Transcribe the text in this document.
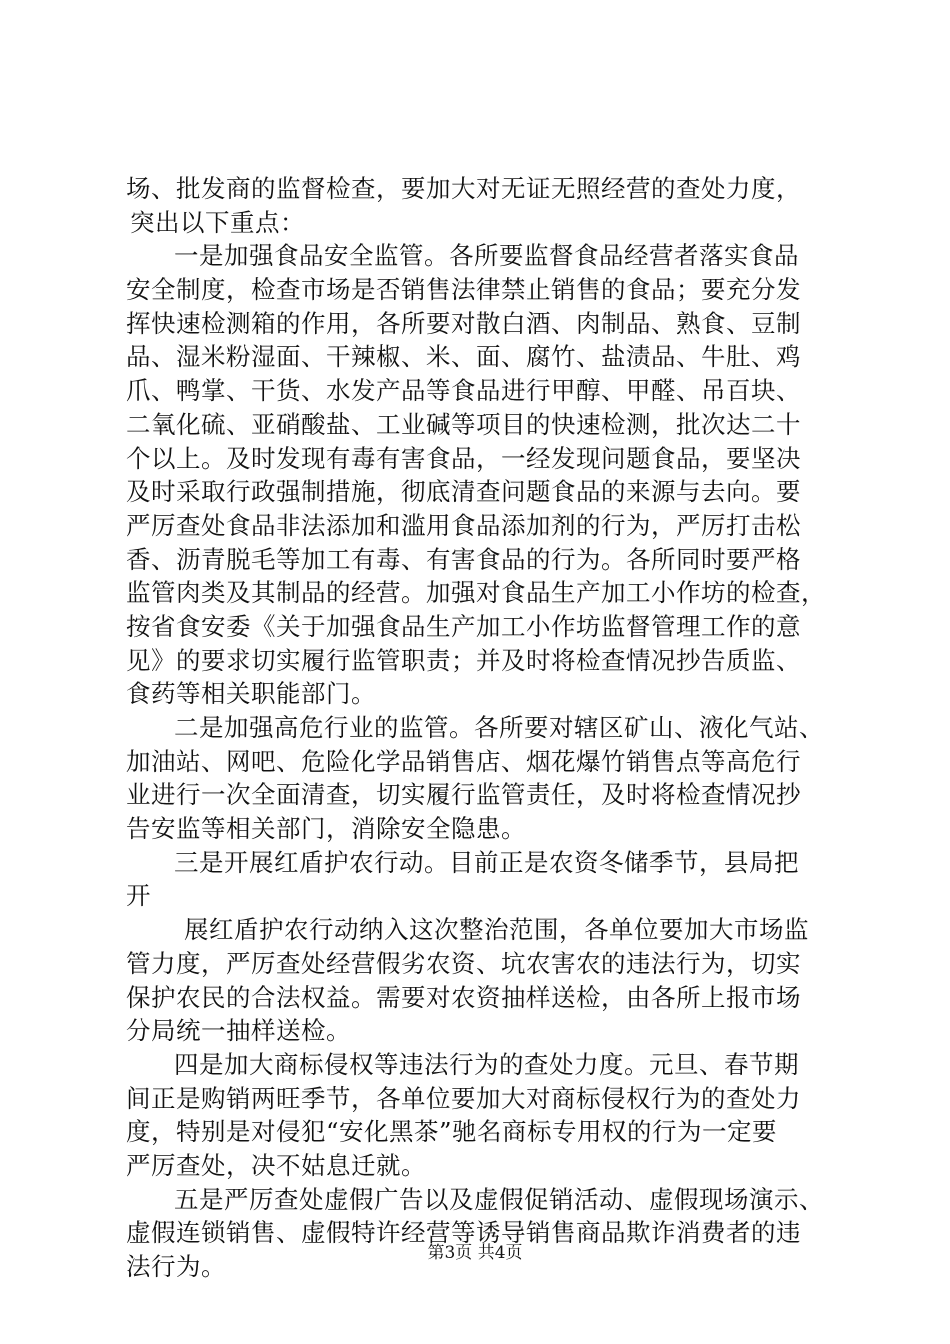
场、批发商的监督检查，要加大对无证无照经营的查处力度，
突出以下重点：
一是加强食品安全监管。各所要监督食品经营者落实食品
安全制度，检查市场是否销售法律禁止销售的食品；要充分发
挥快速检测箱的作用，各所要对散白酒、肉制品、熟食、豆制
品、湿米粉湿面、干辣椒、米、面、腐竹、盐渍品、牛肚、鸡
爪、鸭掌、干货、水发产品等食品进行甲醇、甲醛、吊百块、
二氧化硫、亚硝酸盐、工业碱等项目的快速检测，批次达二十
个以上。及时发现有毒有害食品，一经发现问题食品，要坚决
及时采取行政强制措施，彻底清查问题食品的来源与去向。要
严厉查处食品非法添加和滥用食品添加剂的行为，严厉打击松
香、沥青脱毛等加工有毒、有害食品的行为。各所同时要严格
监管肉类及其制品的经营。加强对食品生产加工小作坊的检查，
按省食安委《关于加强食品生产加工小作坊监督管理工作的意
见》的要求切实履行监管职责；并及时将检查情况抄告质监、
食药等相关职能部门。
二是加强高危行业的监管。各所要对辖区矿山、液化气站、
加油站、网吧、危险化学品销售店、烟花爆竹销售点等高危行
业进行一次全面清查，切实履行监管责任，及时将检查情况抄
告安监等相关部门，消除安全隐患。
三是开展红盾护农行动。目前正是农资冬储季节，县局把
开
展红盾护农行动纳入这次整治范围，各单位要加大市场监
管力度，严厉查处经营假劣农资、坑农害农的违法行为，切实
保护农民的合法权益。需要对农资抽样送检，由各所上报市场
分局统一抽样送检。
四是加大商标侵权等违法行为的查处力度。元旦、春节期
间正是购销两旺季节，各单位要加大对商标侵权行为的查处力
度，特别是对侵犯“安化黑茶”驰名商标专用权的行为一定要
严厉查处，决不姑息迁就。
五是严厉查处虚假广告以及虚假促销活动、虚假现场演示、
虚假连锁销售、虚假特许经营等诱导销售商品欺诈消费者的违
法行为。	第3页 共4页
